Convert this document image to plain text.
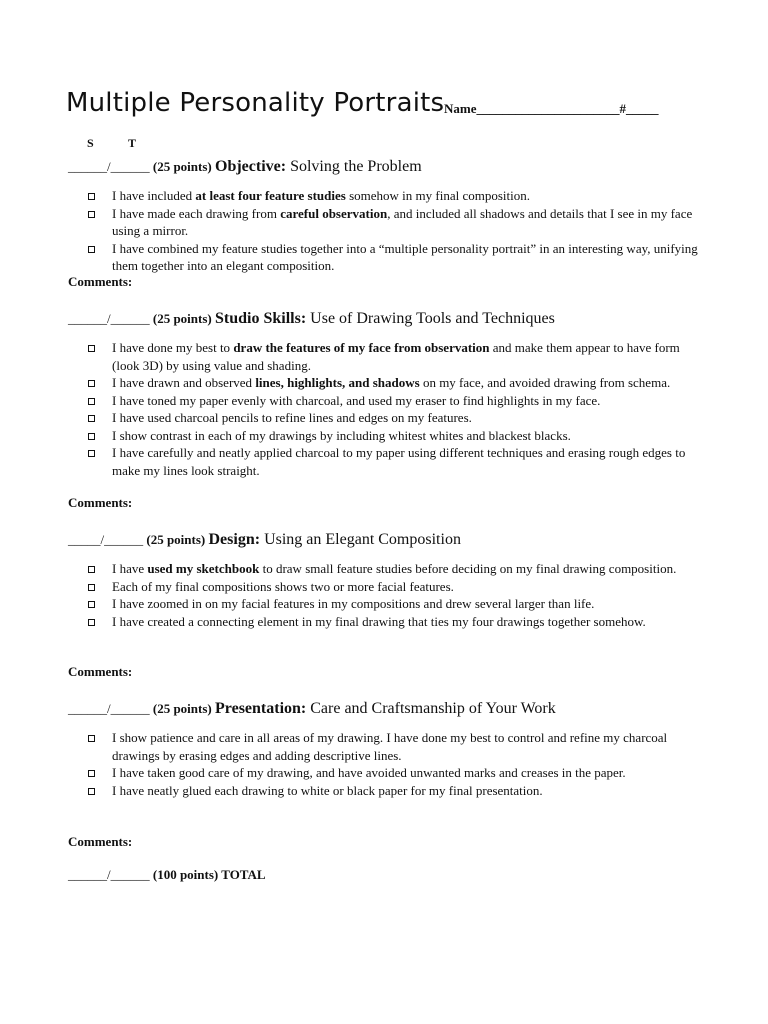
Multiple Personality Portraits Name______________________#_____
S	T
______/______ (25 points) Objective: Solving the Problem
I have included at least four feature studies somehow in my final composition.
I have made each drawing from careful observation, and included all shadows and details that I see in my face using a mirror.
I have combined my feature studies together into a “multiple personality portrait” in an interesting way, unifying them together into an elegant composition.
Comments:
______/______ (25 points) Studio Skills: Use of Drawing Tools and Techniques
I have done my best to draw the features of my face from observation and make them appear to have form (look 3D) by using value and shading.
I have drawn and observed lines, highlights, and shadows on my face, and avoided drawing from schema.
I have toned my paper evenly with charcoal, and used my eraser to find highlights in my face.
I have used charcoal pencils to refine lines and edges on my features.
I show contrast in each of my drawings by including whitest whites and blackest blacks.
I have carefully and neatly applied charcoal to my paper using different techniques and erasing rough edges to make my lines look straight.
Comments:
_____/______ (25 points) Design: Using an Elegant Composition
I have used my sketchbook to draw small feature studies before deciding on my final drawing composition.
Each of my final compositions shows two or more facial features.
I have zoomed in on my facial features in my compositions and drew several larger than life.
I have created a connecting element in my final drawing that ties my four drawings together somehow.
Comments:
______/______ (25 points) Presentation: Care and Craftsmanship of Your Work
I show patience and care in all areas of my drawing. I have done my best to control and refine my charcoal drawings by erasing edges and adding descriptive lines.
I have taken good care of my drawing, and have avoided unwanted marks and creases in the paper.
I have neatly glued each drawing to white or black paper for my final presentation.
Comments:
______/______ (100 points) TOTAL
